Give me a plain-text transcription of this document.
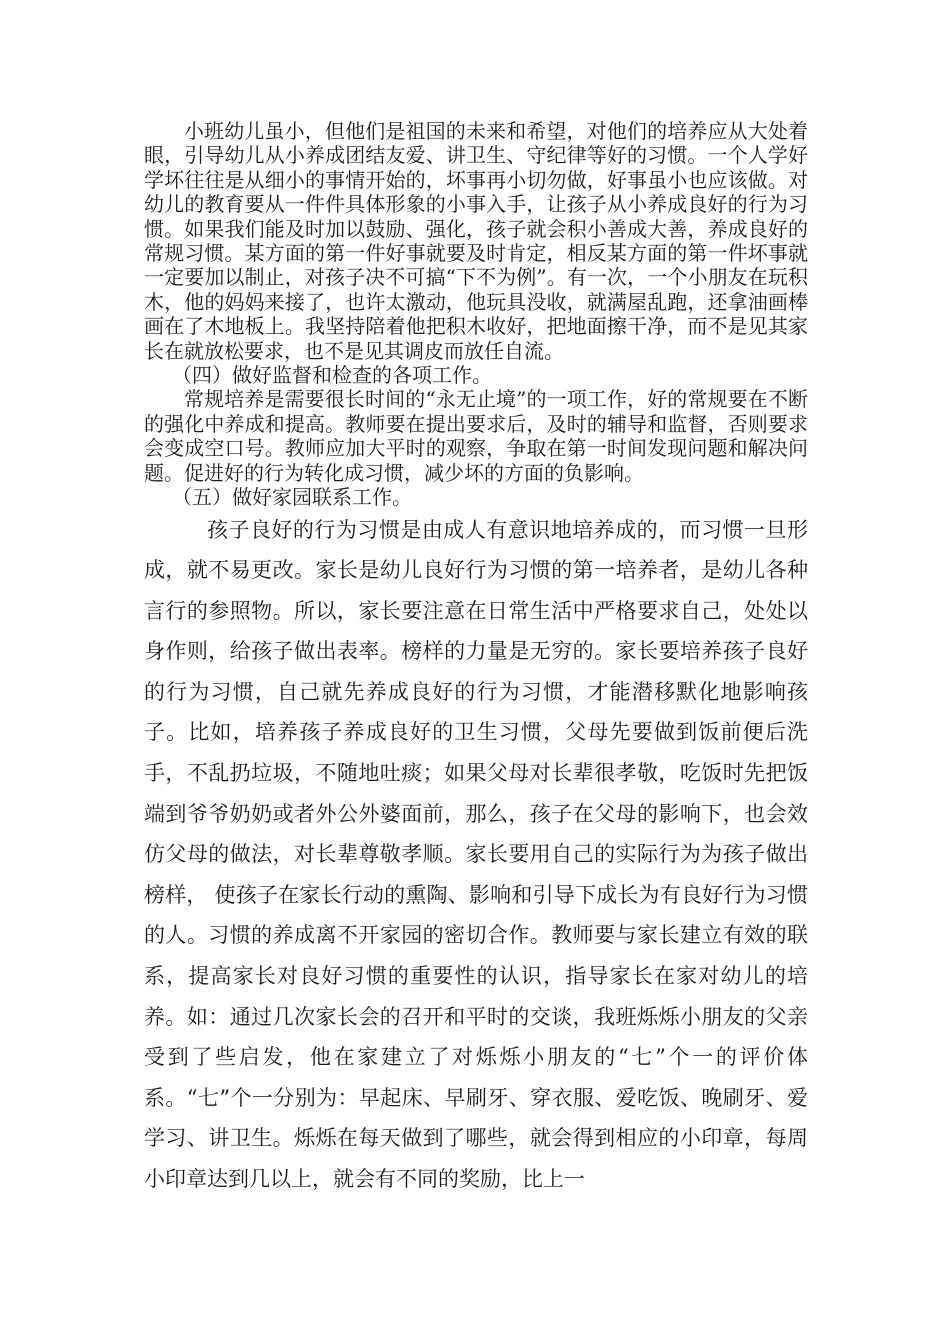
小班幼儿虽小，但他们是祖国的未来和希望，对他们的培养应从大处着眼，引导幼儿从小养成团结友爱、讲卫生、守纪律等好的习惯。一个人学好学坏往往是从细小的事情开始的，坏事再小切勿做，好事虽小也应该做。对幼儿的教育要从一件件具体形象的小事入手，让孩子从小养成良好的行为习惯。如果我们能及时加以鼓励、强化，孩子就会积小善成大善，养成良好的常规习惯。某方面的第一件好事就要及时肯定，相反某方面的第一件坏事就一定要加以制止，对孩子决不可搞“下不为例”。有一次，一个小朋友在玩积木，他的妈妈来接了，也许太激动，他玩具没收，就满屋乱跑，还拿油画棒画在了木地板上。我坚持陪着他把积木收好，把地面擦干净，而不是见其家长在就放松要求，也不是见其调皮而放任自流。

（四）做好监督和检查的各项工作。

常规培养是需要很长时间的“永无止境”的一项工作，好的常规要在不断的强化中养成和提高。教师要在提出要求后，及时的辅导和监督，否则要求会变成空口号。教师应加大平时的观察，争取在第一时间发现问题和解决问题。促进好的行为转化成习惯，减少坏的方面的负影响。

（五）做好家园联系工作。

孩子良好的行为习惯是由成人有意识地培养成的，而习惯一旦形成，就不易更改。家长是幼儿良好行为习惯的第一培养者，是幼儿各种言行的参照物。所以，家长要注意在日常生活中严格要求自己，处处以身作则，给孩子做出表率。榜样的力量是无穷的。家长要培养孩子良好的行为习惯，自己就先养成良好的行为习惯，才能潜移默化地影响孩子。比如，培养孩子养成良好的卫生习惯，父母先要做到饭前便后洗手，不乱扔垃圾，不随地吐痰；如果父母对长辈很孝敬，吃饭时先把饭端到爷爷奶奶或者外公外婆面前，那么，孩子在父母的影响下，也会效仿父母的做法，对长辈尊敬孝顺。家长要用自己的实际行为为孩子做出榜样， 使孩子在家长行动的熏陶、影响和引导下成长为有良好行为习惯的人。习惯的养成离不开家园的密切合作。教师要与家长建立有效的联系，提高家长对良好习惯的重要性的认识，指导家长在家对幼儿的培养。如：通过几次家长会的召开和平时的交谈，我班烁烁小朋友的父亲受到了些启发，他在家建立了对烁烁小朋友的“七”个一的评价体系。“七”个一分别为：早起床、早刷牙、穿衣服、爱吃饭、晚刷牙、爱学习、讲卫生。烁烁在每天做到了哪些，就会得到相应的小印章，每周小印章达到几以上，就会有不同的奖励，比上一
